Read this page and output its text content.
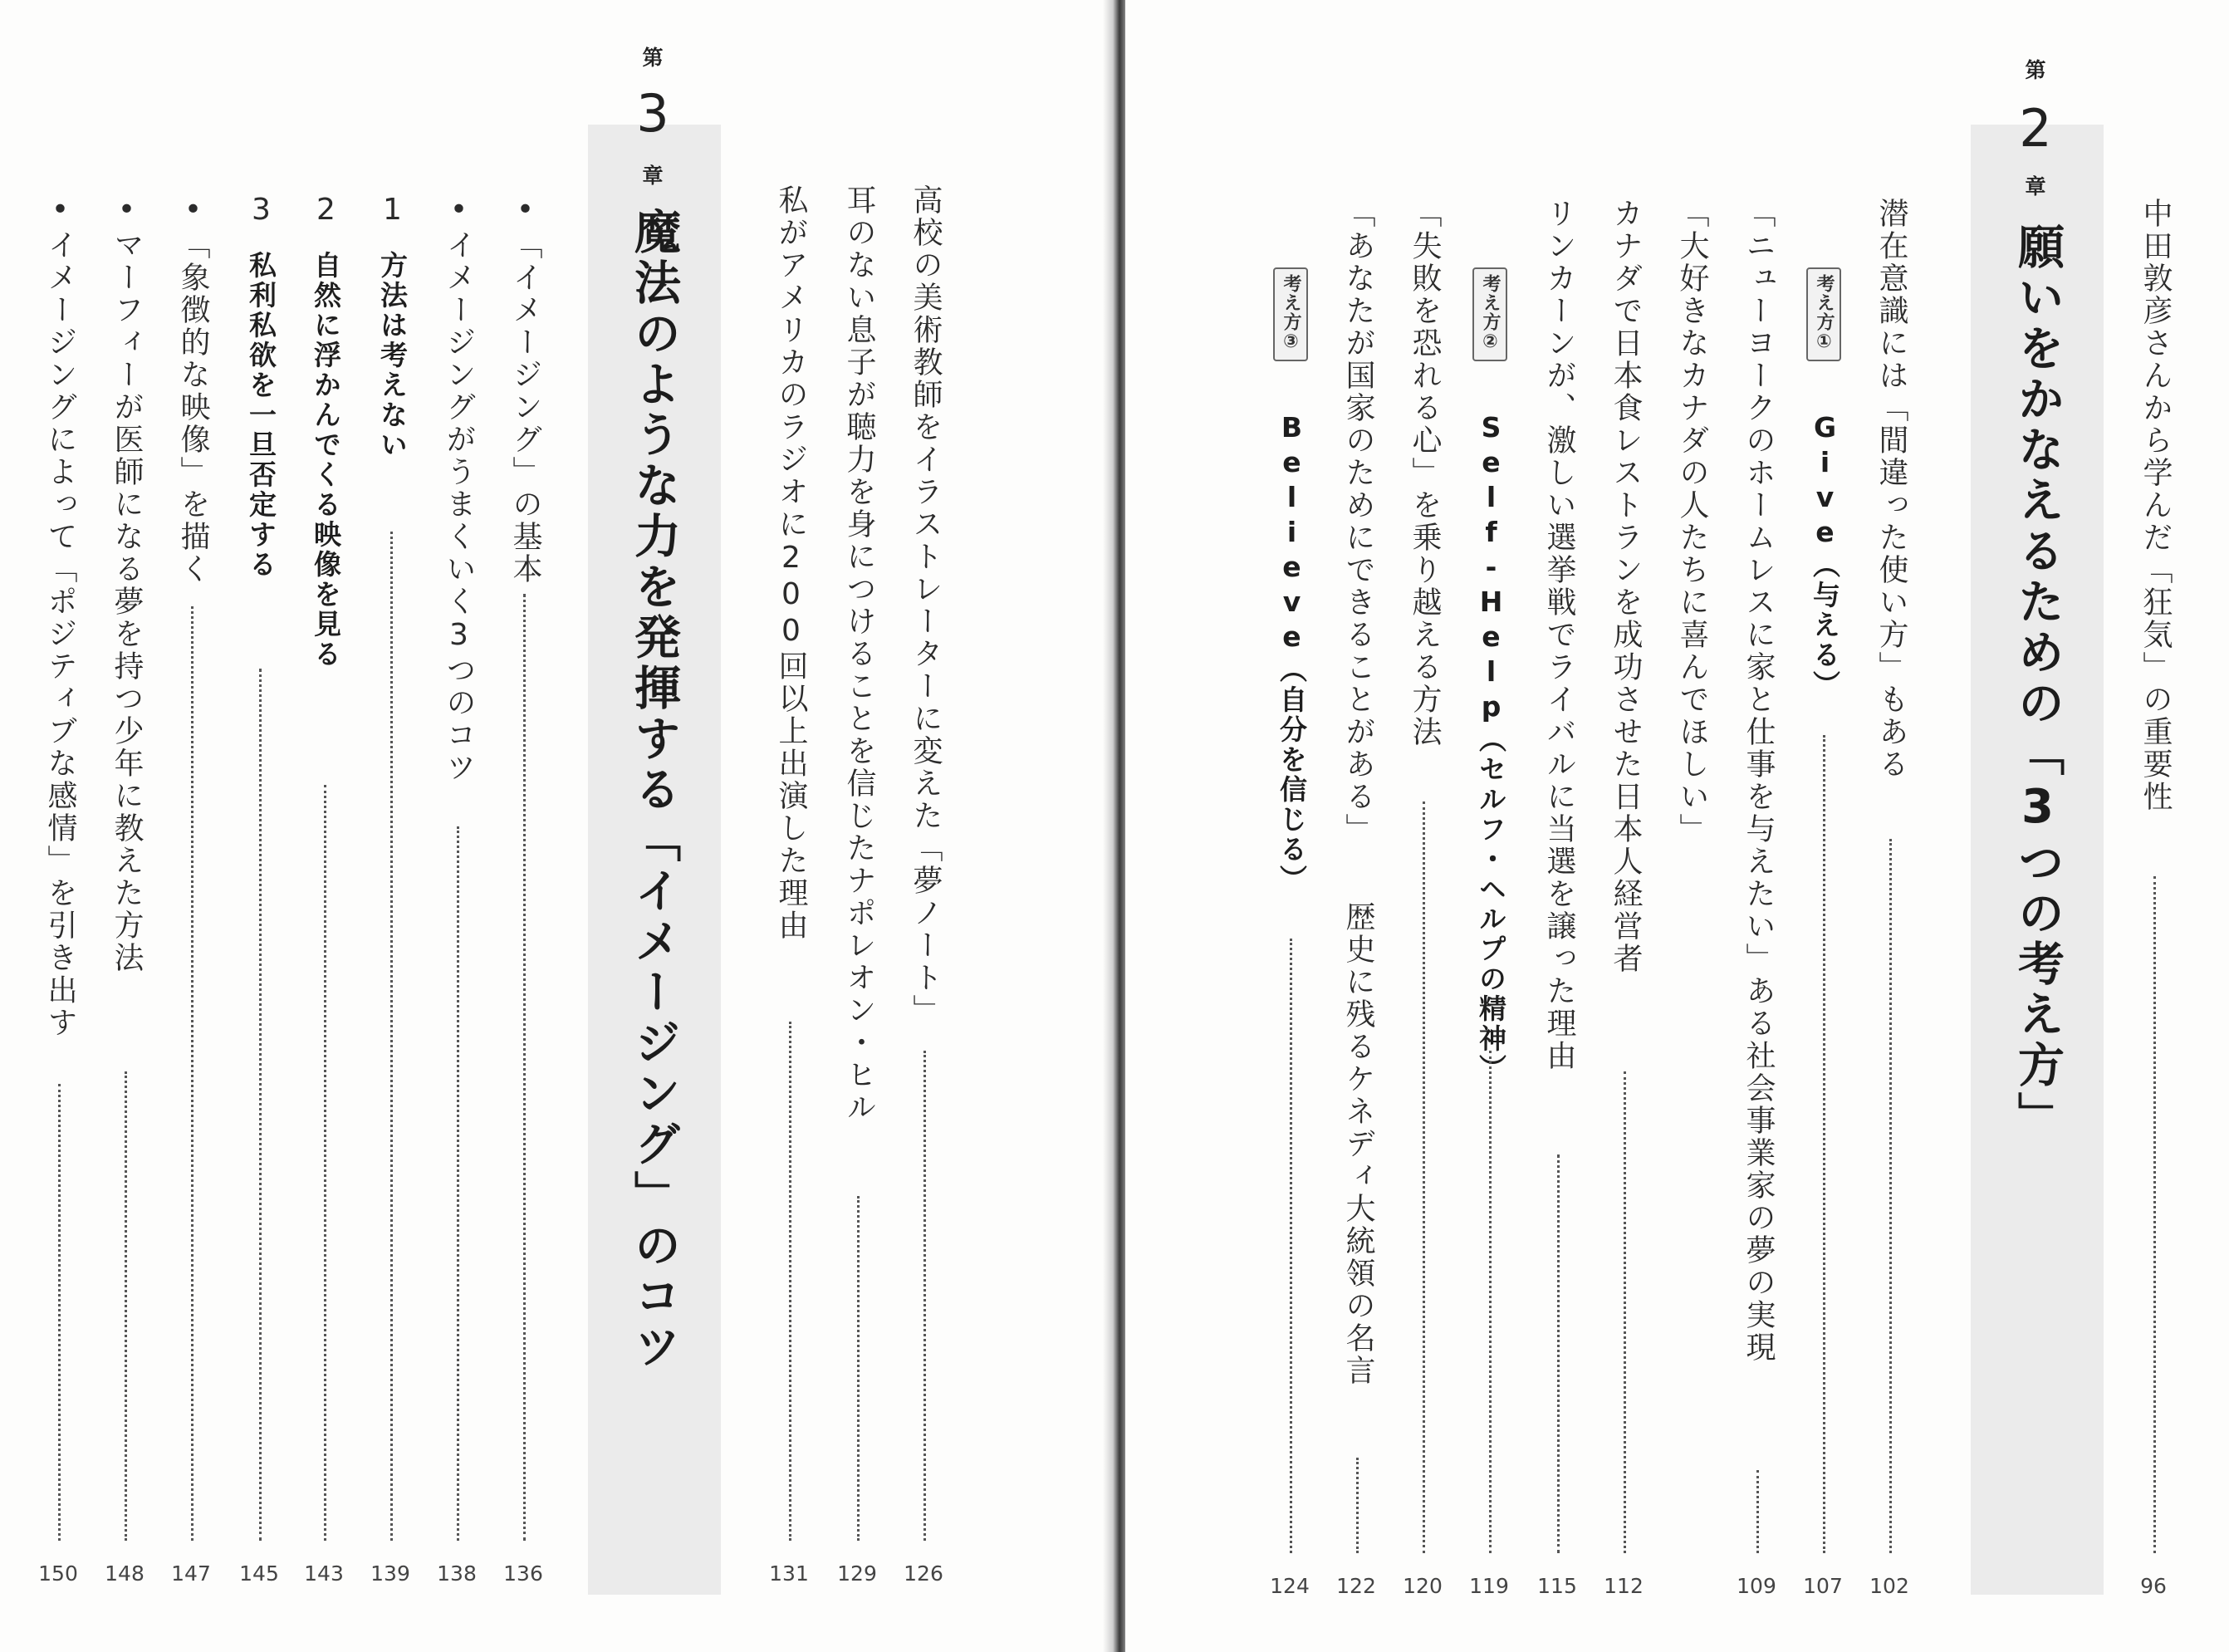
高校の美術教師をイラストレーターに変えた「夢ノート」
126
耳のない息子が聴力を身につけることを信じたナポレオン・ヒル
129
私がアメリカのラジオに200回以上出演した理由
131
第
3
章
魔法のような力を発揮する「イメージング」のコツ
•「イメージング」の基本
136
•イメージングがうまくいく3つのコツ
138
1
方法は考えない
139
2
自然に浮かんでくる映像を見る
143
3
私利私欲を一旦否定する
145
•「象徴的な映像」を描く
147
•マーフィーが医師になる夢を持つ少年に教えた方法
148
•イメージングによって「ポジティブな感情」を引き出す
150
中田敦彦さんから学んだ「狂気」の重要性
96
第
2
章
願いをかなえるための「3つの考え方」
潜在意識には「間違った使い方」もある
102
考え方①
Give（与える）
107
「ニューヨークのホームレスに家と仕事を与えたい」ある社会事業家の夢の実現
109
「大好きなカナダの人たちに喜んでほしい」
カナダで日本食レストランを成功させた日本人経営者
112
リンカーンが、激しい選挙戦でライバルに当選を譲った理由
115
考え方②
Self-Help（セルフ・ヘルプの精神）
119
「失敗を恐れる心」を乗り越える方法
120
「あなたが国家のためにできることがある」
歴史に残るケネディ大統領の名言
122
考え方③
Believe（自分を信じる）
124
